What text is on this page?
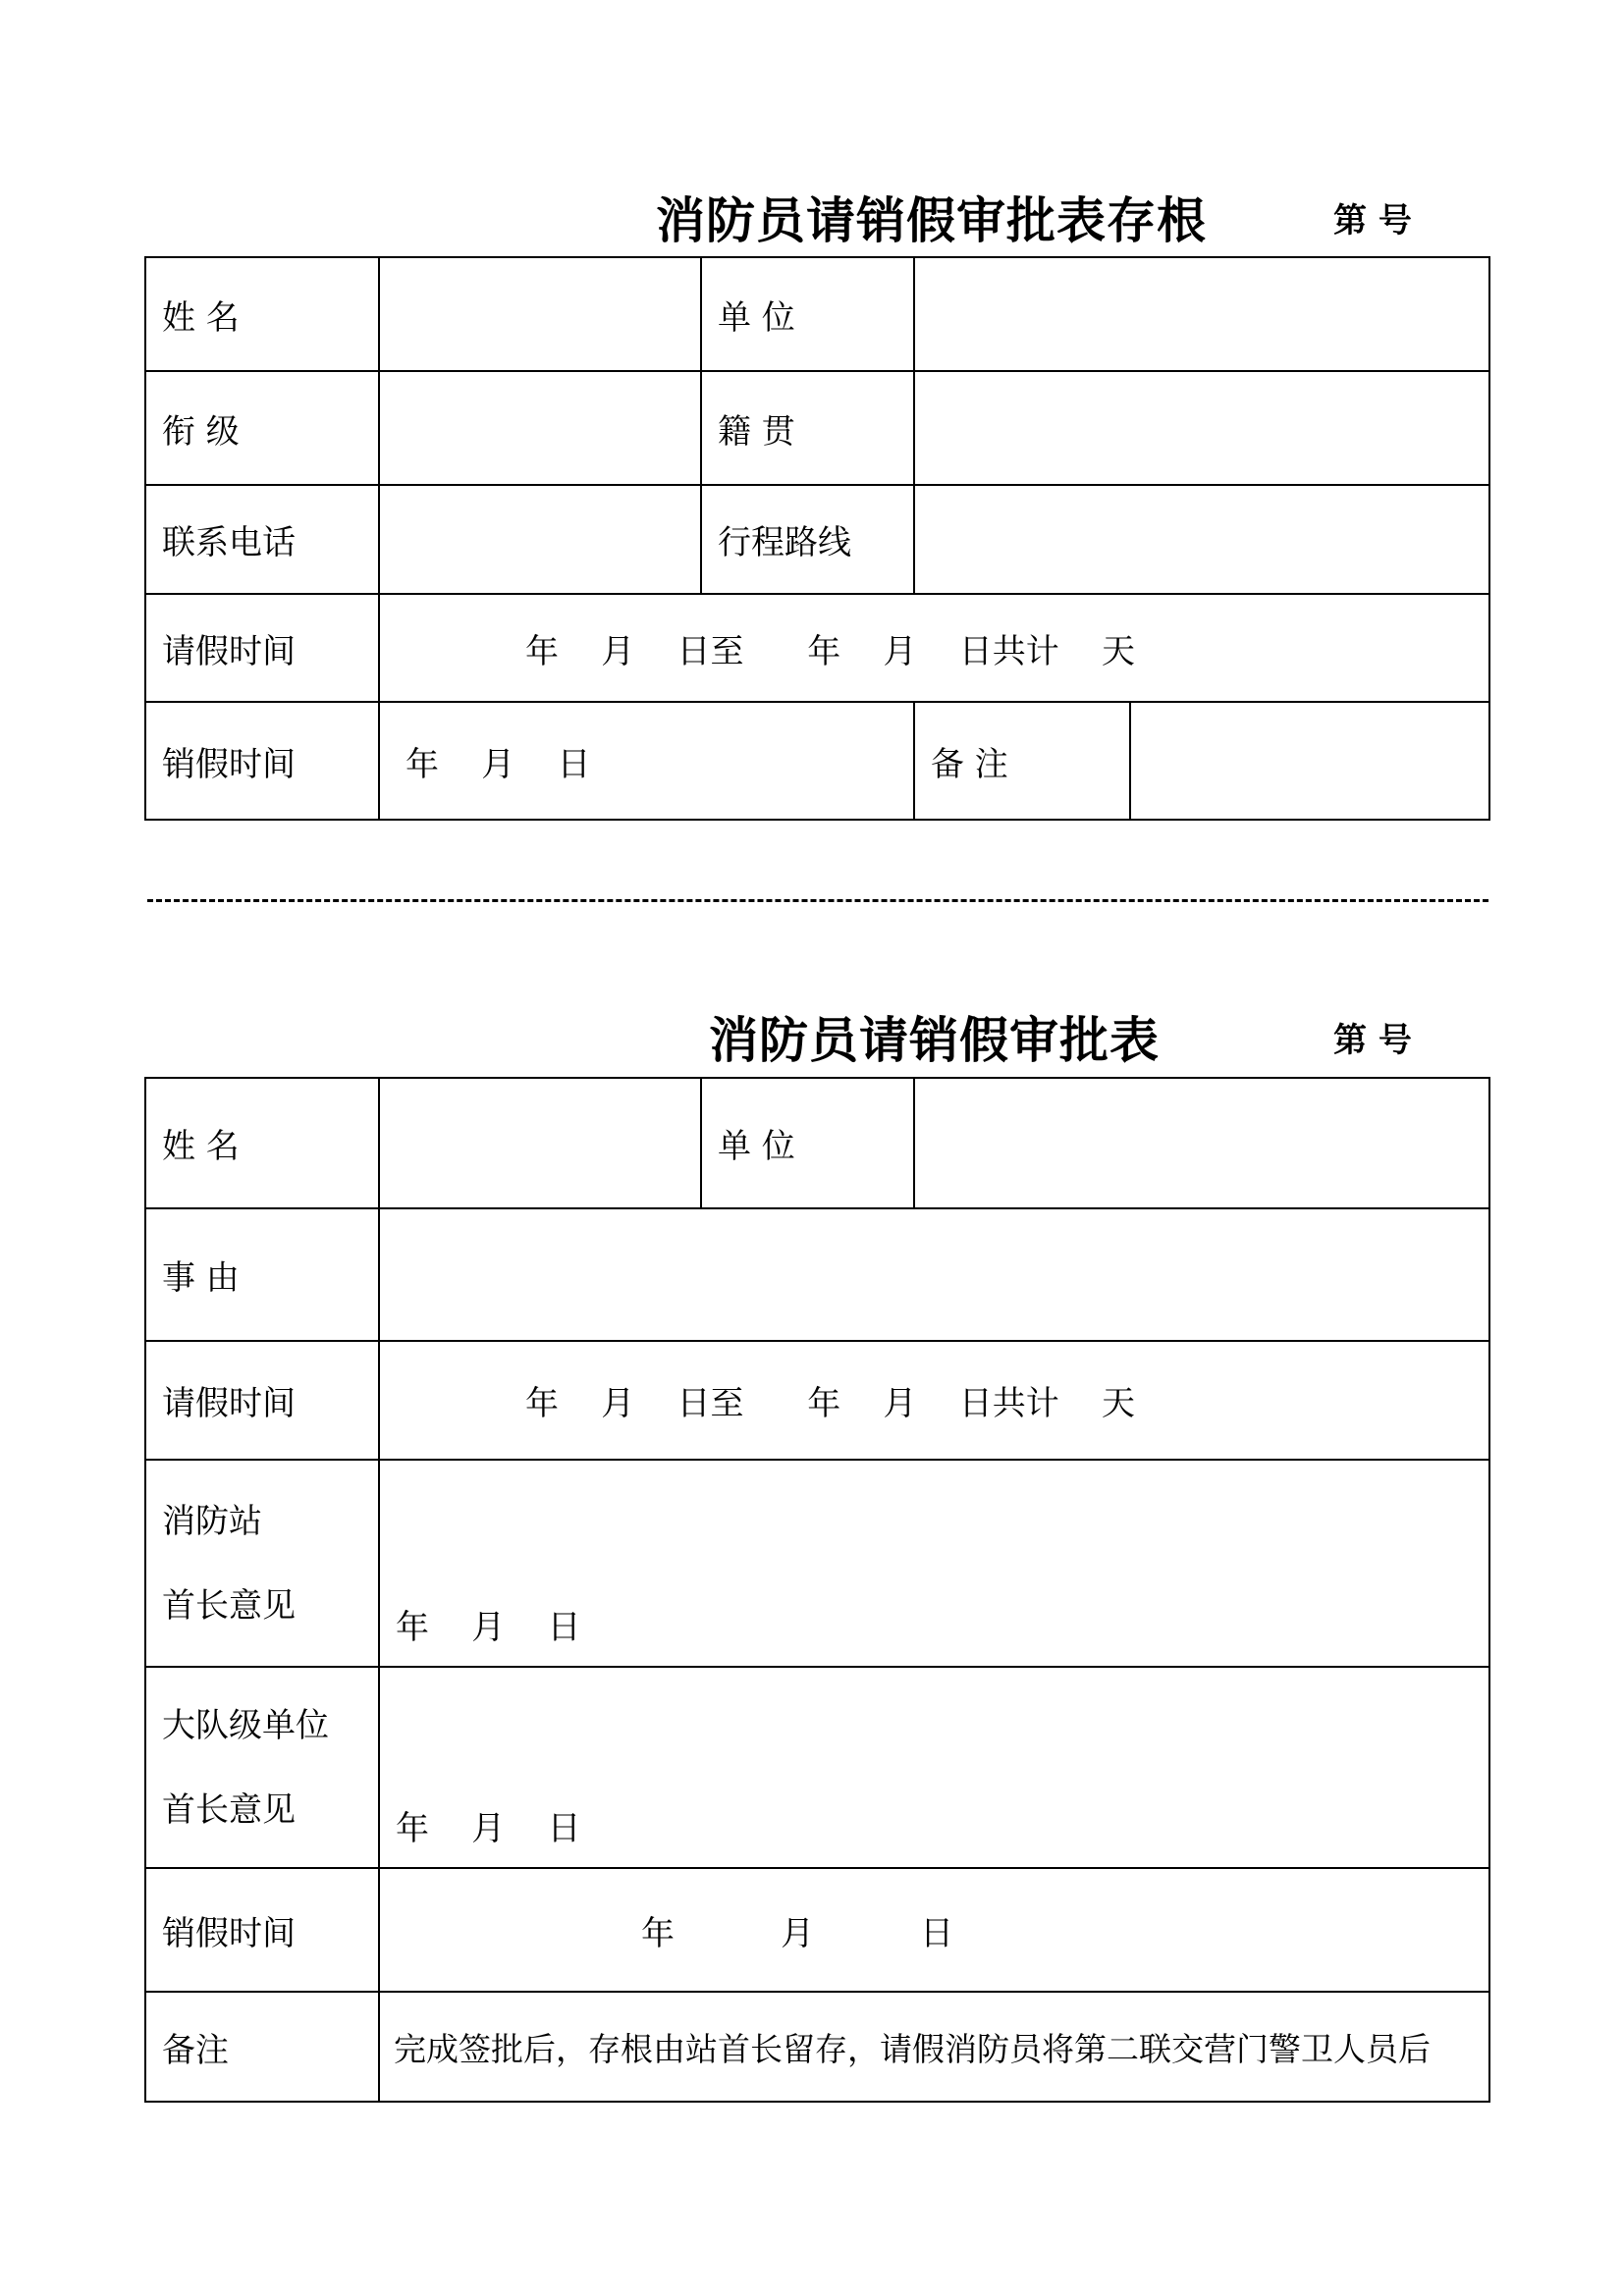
消防员请销假审批表存根	第 号
姓 名		单 位		
衔 级		籍 贯		
联系电话		行程路线		
请假时间	年    月    日至      年    月    日共计    天			
销假时间	年    月    日		备 注	
消防员请销假审批表	第 号
姓 名		单 位	
事 由			
请假时间	年    月    日至      年    月    日共计    天		

消防站
首长意见	年    月    日		

大队级单位
首长意见	年    月    日		

销假时间	年          月          日		
备注	完成签批后，存根由站首长留存，请假消防员将第二联交营门警卫人员后		
